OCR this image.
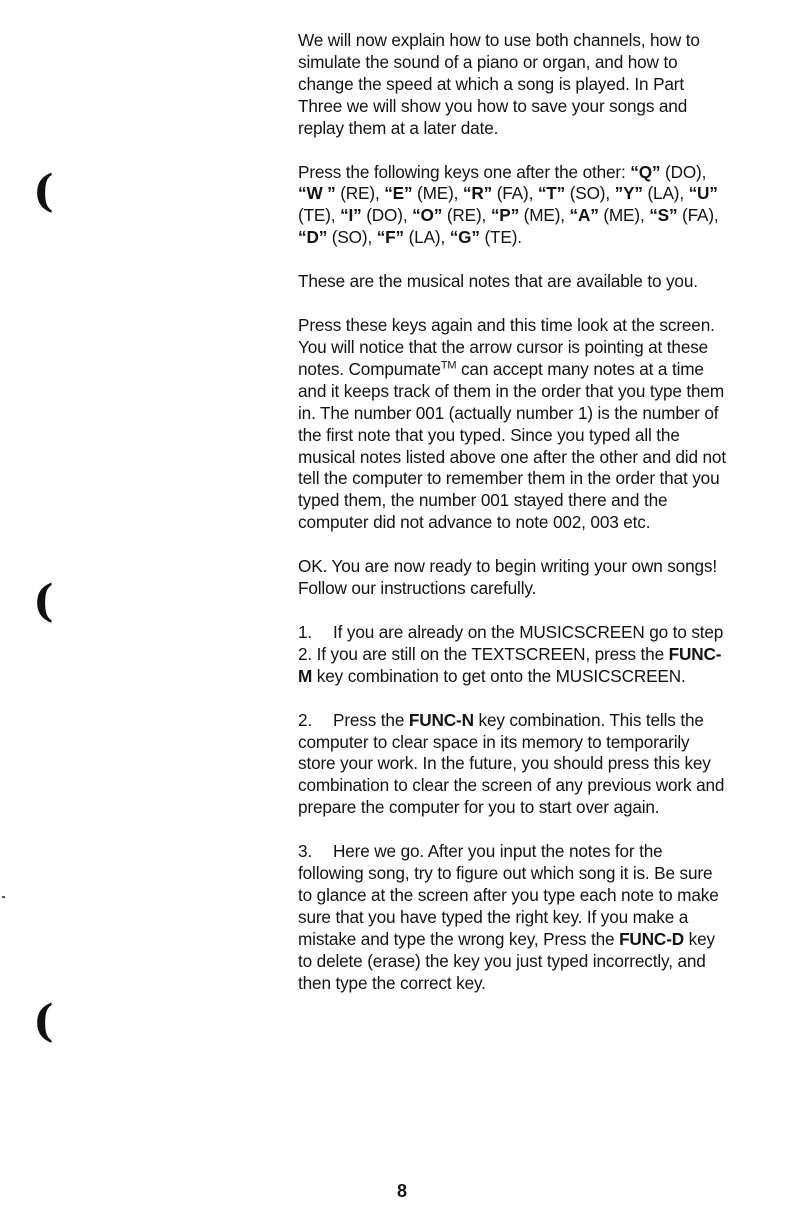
(
(
(

We will now explain how to use both channels, how to simulate the sound of a piano or organ, and how to change the speed at which a song is played. In Part Three we will show you how to save your songs and replay them at a later date.

Press the following keys one after the other: “Q” (DO), “W ” (RE), “E” (ME), “R” (FA), “T” (SO), ”Y” (LA), “U” (TE), “I” (DO), “O” (RE), “P” (ME), “A” (ME), “S” (FA), “D” (SO), “F” (LA), “G” (TE).

These are the musical notes that are available to you.

Press these keys again and this time look at the screen. You will notice that the arrow cursor is pointing at these notes. Compumate™ can accept many notes at a time and it keeps track of them in the order that you type them in. The number 001 (actually number 1) is the number of the first note that you typed. Since you typed all the musical notes listed above one after the other and did not tell the computer to remember them in the order that you typed them, the number 001 stayed there and the computer did not advance to note 002, 003 etc.

OK. You are now ready to begin writing your own songs! Follow our instructions carefully.

1. If you are already on the MUSICSCREEN go to step 2. If you are still on the TEXTSCREEN, press the FUNC-M key combination to get onto the MUSICSCREEN.

2. Press the FUNC-N key combination. This tells the computer to clear space in its memory to temporarily store your work. In the future, you should press this key combination to clear the screen of any previous work and prepare the computer for you to start over again.

3. Here we go. After you input the notes for the following song, try to figure out which song it is. Be sure to glance at the screen after you type each note to make sure that you have typed the right key. If you make a mistake and type the wrong key, Press the FUNC-D key to delete (erase) the key you just typed incorrectly, and then type the correct key.

8
